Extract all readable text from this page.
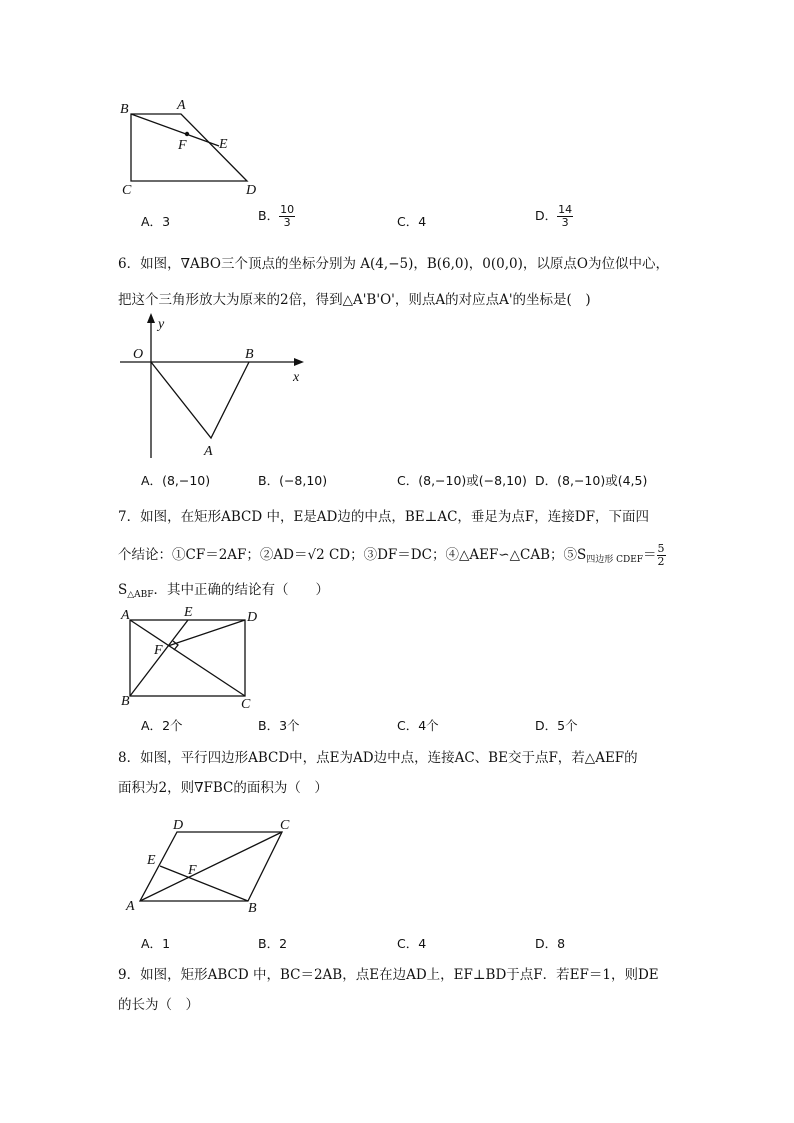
B	A
F E
C	D
A．3	B． $\frac{10}{3}$	C．4	D． $\frac{14}{3}$
6．如图，∇ABO三个顶点的坐标分别为 A(4,−5)，B(6,0)，0(0,0)，以原点O为位似中心，
把这个三角形放大为原来的2倍，得到△A'B'O'，则点A的对应点A'的坐标是(　)
y
O	B
x
A
A．(8,−10)	B．(−8,10)	C．(8,−10)或(−8,10) D．(8,−10)或(4,5)
7．如图，在矩形ABCD 中，E是AD边的中点，BE⊥AC，垂足为点F，连接DF，下面四
个结论：①CF＝2AF；②AD＝√2 CD；③DF＝DC；④△AEF∽△CAB；$⑤S_{四边形 CDEF}= \frac{5}{2}$
$S_{\triangle ABF}$．其中正确的结论有（　　）
A	E	D
F
B	C
A．2个	B．3个	C．4个	D．5个
8．如图，平行四边形ABCD中，点E为AD边中点，连接AC、BE交于点F，若△AEF的
面积为2，则∇FBC的面积为（　）
D	C
E
F
A	B
A．1	B．2	C．4	D．8
9．如图，矩形ABCD 中，BC＝2AB，点E在边AD上，EF⊥BD于点F．若EF＝1，则DE
的长为（　）
